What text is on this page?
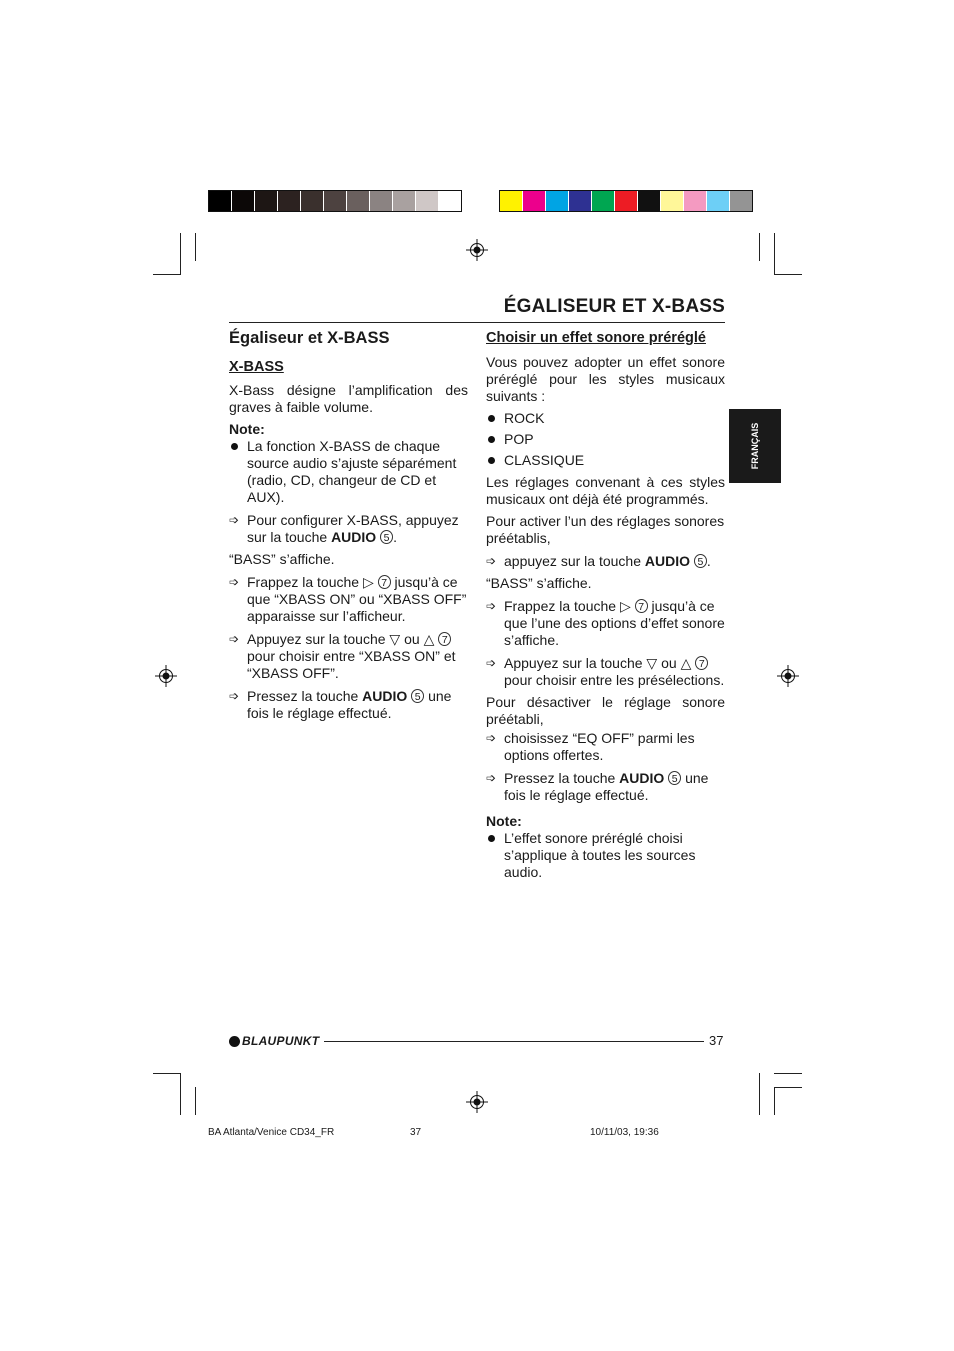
ÉGALISEUR ET X-BASS
FRANÇAIS
Égaliseur et X-BASS
X-BASS

X-Bass désigne l’amplification des graves à faible volume.

Note:

La fonction X-BASS de chaque source audio s’ajuste séparément (radio, CD, changeur de CD et AUX).
➩ Pour configurer X-BASS, appuyez sur la touche AUDIO 5 .

“BASS” s’affiche.

➩ Frappez la touche ▷ 7 jusqu’à ce que “XBASS ON” ou “XBASS OFF” apparaisse sur l’afficheur.
➩ Appuyez sur la touche ▽ ou △ 7 pour choisir entre “XBASS ON” et “XBASS OFF”.
➩ Pressez la touche AUDIO 5 une fois le réglage effectué.
Choisir un effet sonore préréglé

Vous pouvez adopter un effet sonore préréglé pour les styles musicaux suivants :

ROCK
POP
CLASSIQUE

Les réglages convenant à ces styles musicaux ont déjà été programmés.

Pour activer l’un des réglages sonores préétablis,

➩ appuyez sur la touche AUDIO 5 .

“BASS” s’affiche.

➩ Frappez la touche ▷ 7 jusqu’à ce que l’une des options d’effet sonore s’affiche.
➩ Appuyez sur la touche ▽ ou △ 7 pour choisir entre les présélections.

Pour désactiver le réglage sonore préétabli,

➩ choisissez “EQ OFF” parmi les options offertes.
➩ Pressez la touche AUDIO 5 une fois le réglage effectué.

Note:

L’effet sonore préréglé choisi s’applique à toutes les sources audio.
BLAUPUNKT	37
BA Atlanta/Venice CD34_FR	37	10/11/03, 19:36
